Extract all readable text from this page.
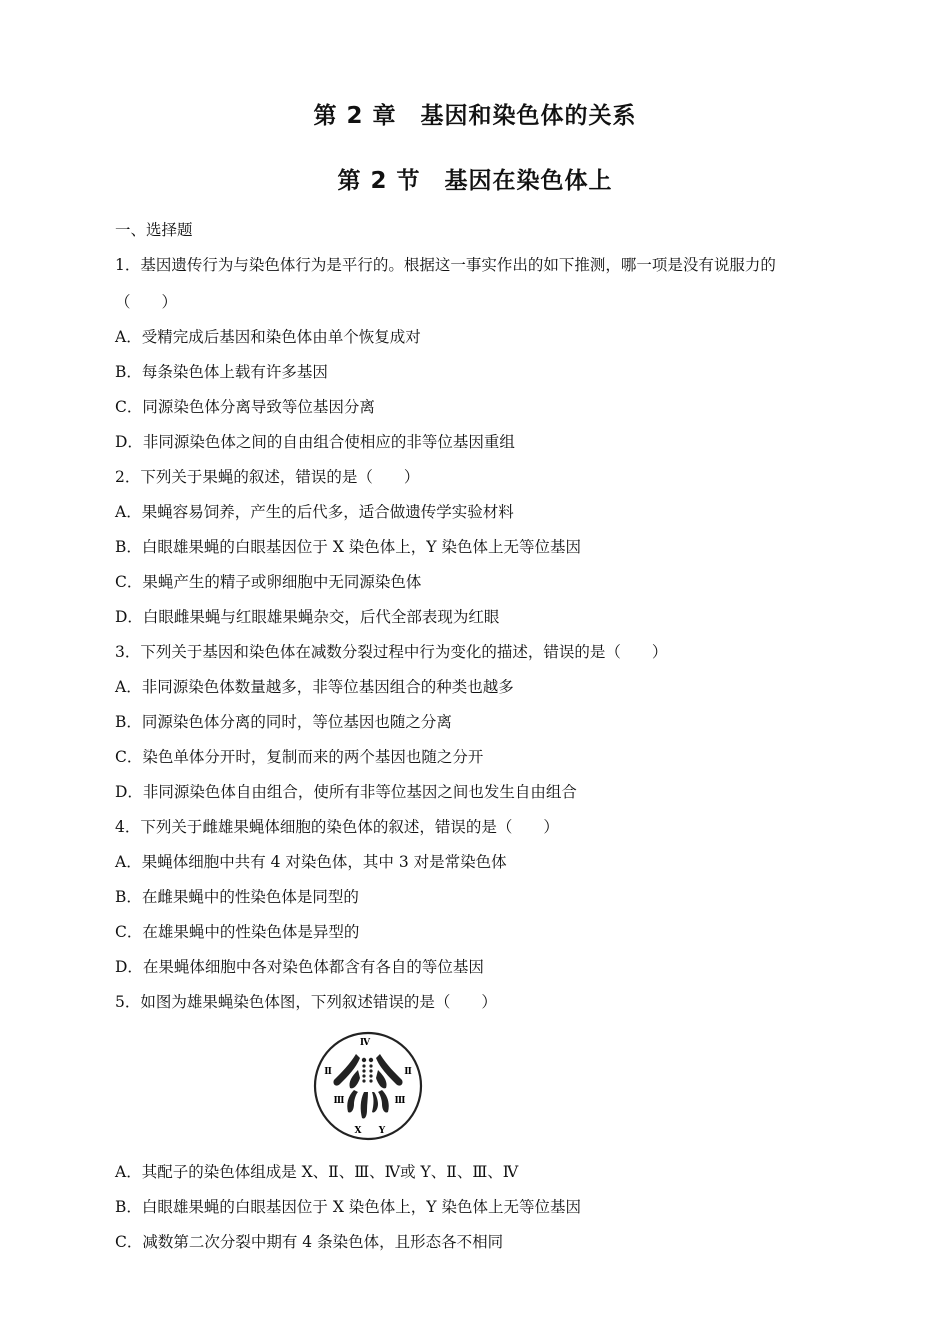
第 2 章　基因和染色体的关系
第 2 节　基因在染色体上
一、选择题
1．基因遗传行为与染色体行为是平行的。根据这一事实作出的如下推测，哪一项是没有说服力的
（　　）
A．受精完成后基因和染色体由单个恢复成对
B．每条染色体上载有许多基因
C．同源染色体分离导致等位基因分离
D．非同源染色体之间的自由组合使相应的非等位基因重组
2．下列关于果蝇的叙述，错误的是（　　）
A．果蝇容易饲养，产生的后代多，适合做遗传学实验材料
B．白眼雄果蝇的白眼基因位于 X 染色体上，Y 染色体上无等位基因
C．果蝇产生的精子或卵细胞中无同源染色体
D．白眼雌果蝇与红眼雄果蝇杂交，后代全部表现为红眼
3．下列关于基因和染色体在减数分裂过程中行为变化的描述，错误的是（　　）
A．非同源染色体数量越多，非等位基因组合的种类也越多
B．同源染色体分离的同时，等位基因也随之分离
C．染色单体分开时，复制而来的两个基因也随之分开
D．非同源染色体自由组合，使所有非等位基因之间也发生自由组合
4．下列关于雌雄果蝇体细胞的染色体的叙述，错误的是（　　）
A．果蝇体细胞中共有 4 对染色体，其中 3 对是常染色体
B．在雌果蝇中的性染色体是同型的
C．在雄果蝇中的性染色体是异型的
D．在果蝇体细胞中各对染色体都含有各自的等位基因
5．如图为雄果蝇染色体图，下列叙述错误的是（　　）
Ⅳ
Ⅱ	Ⅱ
Ⅲ	Ⅲ
X Y
A．其配子的染色体组成是 X、Ⅱ、Ⅲ、Ⅳ或 Y、Ⅱ、Ⅲ、Ⅳ
B．白眼雄果蝇的白眼基因位于 X 染色体上，Y 染色体上无等位基因
C．减数第二次分裂中期有 4 条染色体，且形态各不相同
